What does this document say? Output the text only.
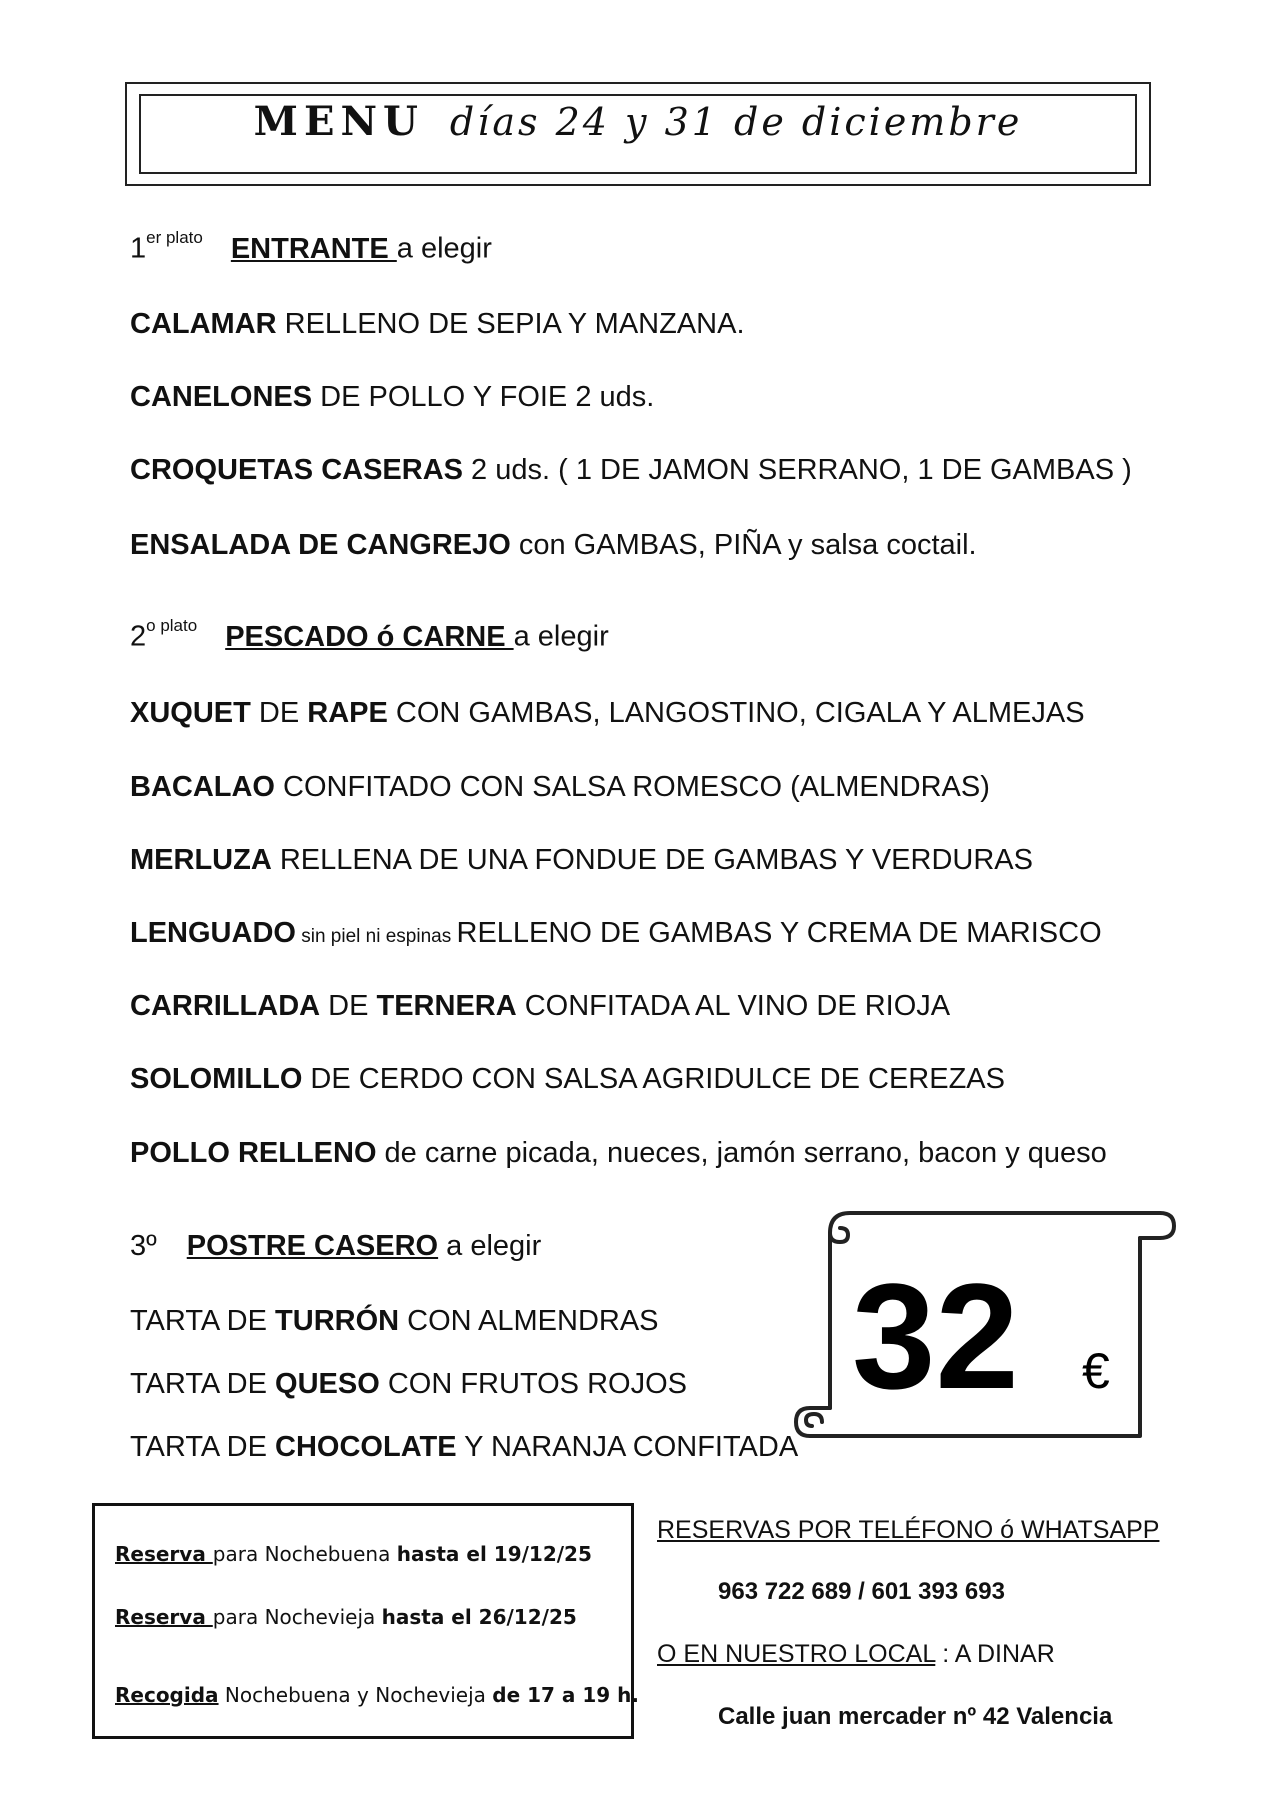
MENU días 24 y 31 de diciembre
$1^{er plato}$ ENTRANTE a elegir
CALAMAR RELLENO DE SEPIA Y MANZANA.
CANELONES DE POLLO Y FOIE 2 uds.
CROQUETAS CASERAS 2 uds. ( 1 DE JAMON SERRANO, 1 DE GAMBAS )
ENSALADA DE CANGREJO con GAMBAS, PIÑA y salsa coctail.
$2^{o plato}$ PESCADO ó CARNE a elegir
XUQUET DE RAPE CON GAMBAS, LANGOSTINO, CIGALA Y ALMEJAS
BACALAO CONFITADO CON SALSA ROMESCO (ALMENDRAS)
MERLUZA RELLENA DE UNA FONDUE DE GAMBAS Y VERDURAS
LENGUADO sin piel ni espinas RELLENO DE GAMBAS Y CREMA DE MARISCO
CARRILLADA DE TERNERA CONFITADA AL VINO DE RIOJA
SOLOMILLO DE CERDO CON SALSA AGRIDULCE DE CEREZAS
POLLO RELLENO de carne picada, nueces, jamón serrano, bacon y queso
3º POSTRE CASERO a elegir
TARTA DE TURRÓN CON ALMENDRAS
TARTA DE QUESO CON FRUTOS ROJOS
TARTA DE CHOCOLATE Y NARANJA CONFITADA
32 €
Reserva para Nochebuena hasta el 19/12/25
Reserva para Nochevieja hasta el 26/12/25
Recogida Nochebuena y Nochevieja de 17 a 19 h.
RESERVAS POR TELÉFONO ó WHATSAPP
963 722 689 / 601 393 693
O EN NUESTRO LOCAL : A DINAR
Calle juan mercader nº 42 Valencia
